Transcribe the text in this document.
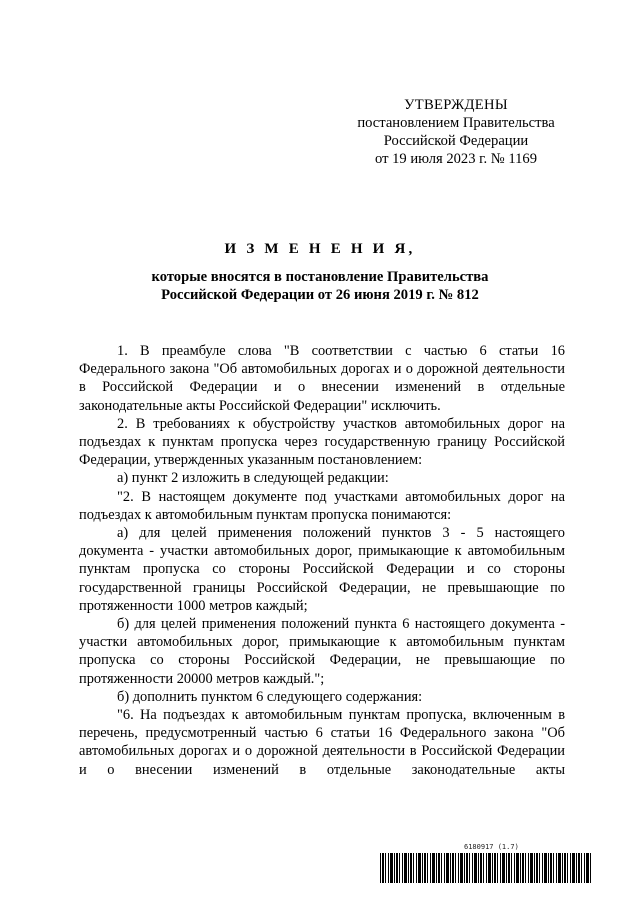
УТВЕРЖДЕНЫ
постановлением Правительства
Российской Федерации
от 19 июля 2023 г. № 1169
И З М Е Н Е Н И Я,
которые вносятся в постановление Правительства
Российской Федерации от 26 июня 2019 г. № 812

1. В преамбуле слова "В соответствии с частью 6 статьи 16 Федерального закона "Об автомобильных дорогах и о дорожной деятельности в Российской Федерации и о внесении изменений в отдельные законодательные акты Российской Федерации" исключить.

2. В требованиях к обустройству участков автомобильных дорог на подъездах к пунктам пропуска через государственную границу Российской Федерации, утвержденных указанным постановлением:

а) пункт 2 изложить в следующей редакции:

"2. В настоящем документе под участками автомобильных дорог на подъездах к автомобильным пунктам пропуска понимаются:

а) для целей применения положений пунктов 3 - 5 настоящего документа - участки автомобильных дорог, примыкающие к автомобильным пунктам пропуска со стороны Российской Федерации и со стороны государственной границы Российской Федерации, не превышающие по протяженности 1000 метров каждый;

б) для целей применения положений пункта 6 настоящего документа - участки автомобильных дорог, примыкающие к автомобильным пунктам пропуска со стороны Российской Федерации, не превышающие по протяженности 20000 метров каждый.";

б) дополнить пунктом 6 следующего содержания:

"6. На подъездах к автомобильным пунктам пропуска, включенным в перечень, предусмотренный частью 6 статьи 16 Федерального закона "Об автомобильных дорогах и о дорожной деятельности в Российской Федерации и о внесении изменений в отдельные законодательные акты

6180917 (1.7)
